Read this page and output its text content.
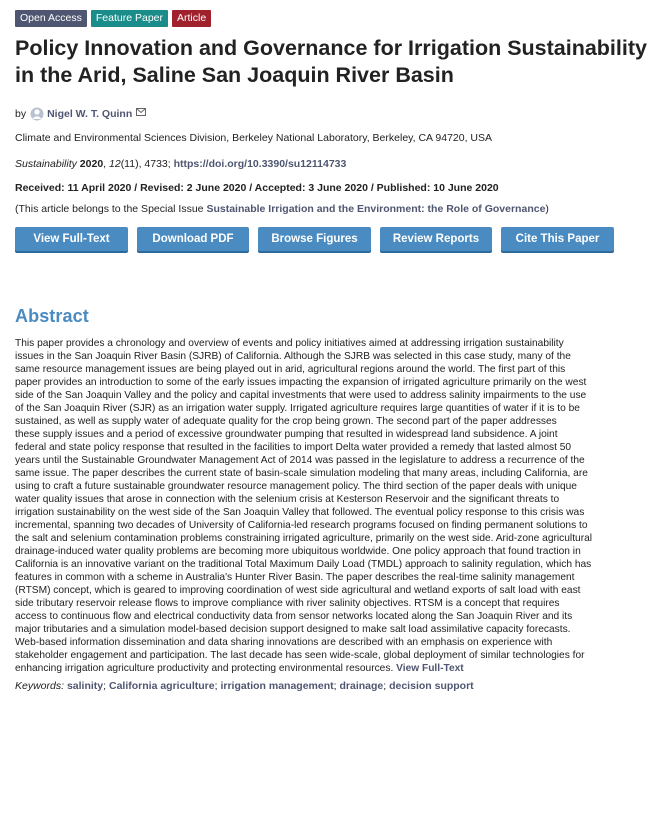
Open Access	Feature Paper	Article
Policy Innovation and Governance for Irrigation Sustainability in the Arid, Saline San Joaquin River Basin
by Nigel W. T. Quinn
Climate and Environmental Sciences Division, Berkeley National Laboratory, Berkeley, CA 94720, USA
Sustainability 2020, 12(11), 4733; https://doi.org/10.3390/su12114733
Received: 11 April 2020 / Revised: 2 June 2020 / Accepted: 3 June 2020 / Published: 10 June 2020
(This article belongs to the Special Issue Sustainable Irrigation and the Environment: the Role of Governance)
View Full-Text	Download PDF	Browse Figures	Review Reports	Cite This Paper
Abstract
This paper provides a chronology and overview of events and policy initiatives aimed at addressing irrigation sustainability
issues in the San Joaquin River Basin (SJRB) of California. Although the SJRB was selected in this case study, many of the
same resource management issues are being played out in arid, agricultural regions around the world. The first part of this
paper provides an introduction to some of the early issues impacting the expansion of irrigated agriculture primarily on the west
side of the San Joaquin Valley and the policy and capital investments that were used to address salinity impairments to the use
of the San Joaquin River (SJR) as an irrigation water supply. Irrigated agriculture requires large quantities of water if it is to be
sustained, as well as supply water of adequate quality for the crop being grown. The second part of the paper addresses
these supply issues and a period of excessive groundwater pumping that resulted in widespread land subsidence. A joint
federal and state policy response that resulted in the facilities to import Delta water provided a remedy that lasted almost 50
years until the Sustainable Groundwater Management Act of 2014 was passed in the legislature to address a recurrence of the
same issue. The paper describes the current state of basin-scale simulation modeling that many areas, including California, are
using to craft a future sustainable groundwater resource management policy. The third section of the paper deals with unique
water quality issues that arose in connection with the selenium crisis at Kesterson Reservoir and the significant threats to
irrigation sustainability on the west side of the San Joaquin Valley that followed. The eventual policy response to this crisis was
incremental, spanning two decades of University of California-led research programs focused on finding permanent solutions to
the salt and selenium contamination problems constraining irrigated agriculture, primarily on the west side. Arid-zone agricultural
drainage-induced water quality problems are becoming more ubiquitous worldwide. One policy approach that found traction in
California is an innovative variant on the traditional Total Maximum Daily Load (TMDL) approach to salinity regulation, which has
features in common with a scheme in Australia's Hunter River Basin. The paper describes the real-time salinity management
(RTSM) concept, which is geared to improving coordination of west side agricultural and wetland exports of salt load with east
side tributary reservoir release flows to improve compliance with river salinity objectives. RTSM is a concept that requires
access to continuous flow and electrical conductivity data from sensor networks located along the San Joaquin River and its
major tributaries and a simulation model-based decision support designed to make salt load assimilative capacity forecasts.
Web-based information dissemination and data sharing innovations are described with an emphasis on experience with
stakeholder engagement and participation. The last decade has seen wide-scale, global deployment of similar technologies for
enhancing irrigation agriculture productivity and protecting environmental resources. View Full-Text
Keywords: salinity; California agriculture; irrigation management; drainage; decision support
